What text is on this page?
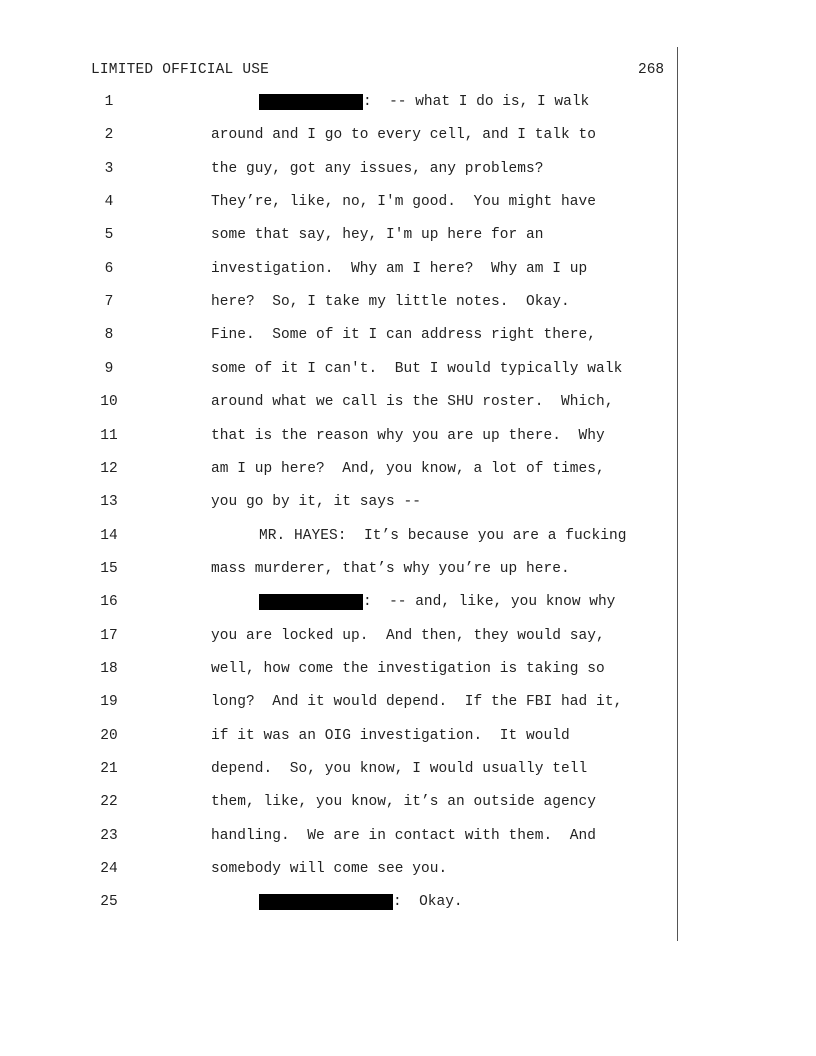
LIMITED OFFICIAL USE	268
1	:  -- what I do is, I walk
2	around and I go to every cell, and I talk to
3	the guy, got any issues, any problems?
4	They’re, like, no, I'm good.  You might have
5	some that say, hey, I'm up here for an
6	investigation.  Why am I here?  Why am I up
7	here?  So, I take my little notes.  Okay.
8	Fine.  Some of it I can address right there,
9	some of it I can't.  But I would typically walk
10	around what we call is the SHU roster.  Which,
11	that is the reason why you are up there.  Why
12	am I up here?  And, you know, a lot of times,
13	you go by it, it says --
14	MR. HAYES:  It’s because you are a fucking
15	mass murderer, that’s why you’re up here.
16	:  -- and, like, you know why
17	you are locked up.  And then, they would say,
18	well, how come the investigation is taking so
19	long?  And it would depend.  If the FBI had it,
20	if it was an OIG investigation.  It would
21	depend.  So, you know, I would usually tell
22	them, like, you know, it’s an outside agency
23	handling.  We are in contact with them.  And
24	somebody will come see you.
25	:  Okay.
